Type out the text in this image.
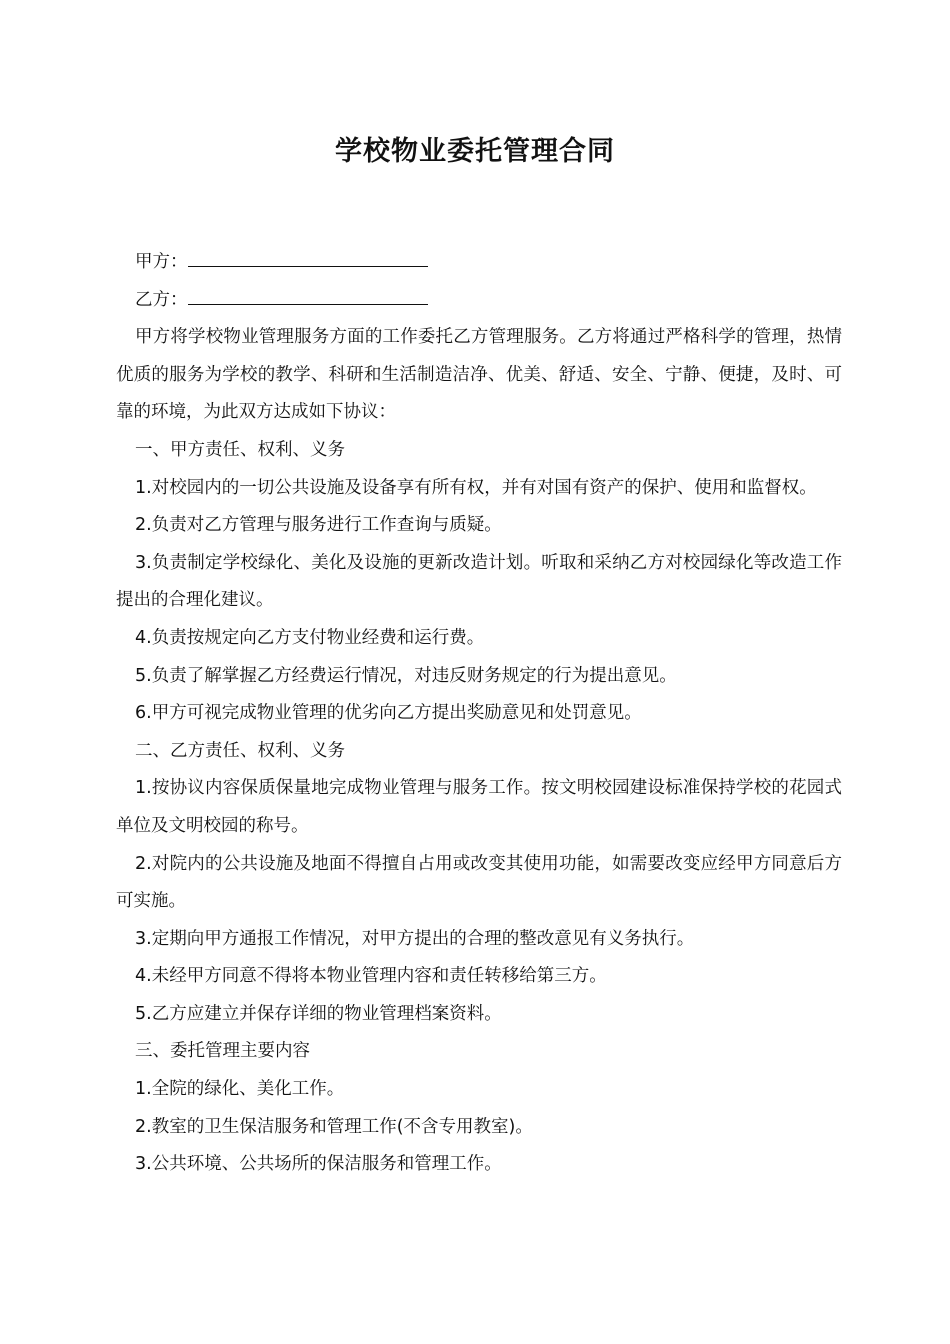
学校物业委托管理合同

甲方：

乙方：

甲方将学校物业管理服务方面的工作委托乙方管理服务。乙方将通过严格科学的管理，热情优质的服务为学校的教学、科研和生活制造洁净、优美、舒适、安全、宁静、便捷，及时、可靠的环境，为此双方达成如下协议：

一、甲方责任、权利、义务

1.对校园内的一切公共设施及设备享有所有权，并有对国有资产的保护、使用和监督权。

2.负责对乙方管理与服务进行工作查询与质疑。

3.负责制定学校绿化、美化及设施的更新改造计划。听取和采纳乙方对校园绿化等改造工作提出的合理化建议。

4.负责按规定向乙方支付物业经费和运行费。

5.负责了解掌握乙方经费运行情况，对违反财务规定的行为提出意见。

6.甲方可视完成物业管理的优劣向乙方提出奖励意见和处罚意见。

二、乙方责任、权利、义务

1.按协议内容保质保量地完成物业管理与服务工作。按文明校园建设标准保持学校的花园式单位及文明校园的称号。

2.对院内的公共设施及地面不得擅自占用或改变其使用功能，如需要改变应经甲方同意后方可实施。

3.定期向甲方通报工作情况，对甲方提出的合理的整改意见有义务执行。

4.未经甲方同意不得将本物业管理内容和责任转移给第三方。

5.乙方应建立并保存详细的物业管理档案资料。

三、委托管理主要内容

1.全院的绿化、美化工作。

2.教室的卫生保洁服务和管理工作(不含专用教室)。

3.公共环境、公共场所的保洁服务和管理工作。
